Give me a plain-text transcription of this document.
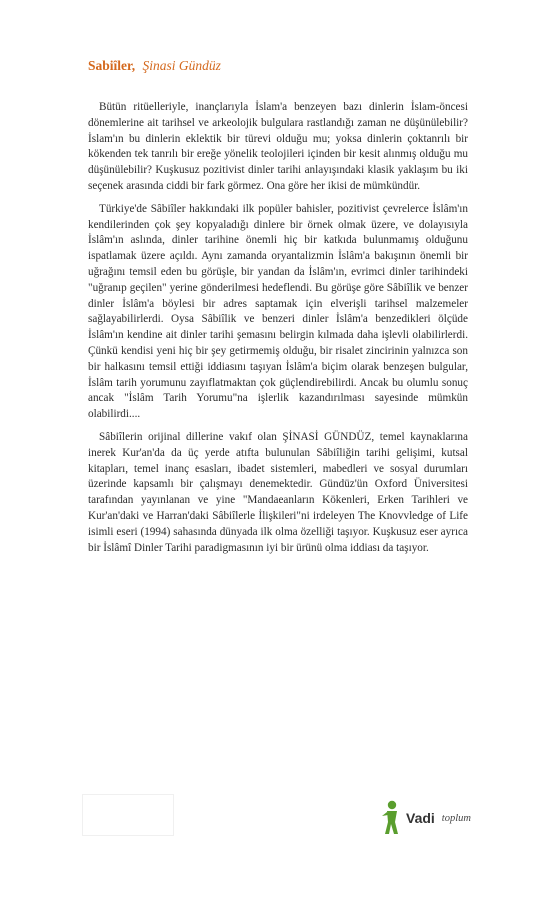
Sabiîler, Şinasi Gündüz

Bütün ritüelleriyle, inançlarıyla İslam'a benzeyen bazı dinlerin İslam-öncesi dönemlerine ait tarihsel ve arkeolojik bulgulara rastlandığı zaman ne düşünülebilir? İslam'ın bu dinlerin eklektik bir türevi olduğu mu; yoksa dinlerin çoktanrılı bir kökenden tek tanrılı bir ereğe yönelik teolojileri içinden bir kesit alınmış olduğu mu düşünülebilir? Kuşkusuz pozitivist dinler tarihi anlayışındaki klasik yaklaşım bu iki seçenek arasında ciddi bir fark görmez. Ona göre her ikisi de mümkündür.

Türkiye'de Sâbiîler hakkındaki ilk popüler bahisler, pozitivist çevrelerce İslâm'ın kendilerinden çok şey kopyaladığı dinlere bir örnek olmak üzere, ve dolayısıyla İslâm'ın aslında, dinler tarihine önemli hiç bir katkıda bulunmamış olduğunu ispatlamak üzere açıldı. Aynı zamanda oryantalizmin İslâm'a bakışının önemli bir uğrağını temsil eden bu görüşle, bir yandan da İslâm'ın, evrimci dinler tarihindeki "uğranıp geçilen" yerine gönderilmesi hedeflendi. Bu görüşe göre Sâbiîlik ve benzer dinler İslâm'a böylesi bir adres saptamak için elverişli tarihsel malzemeler sağlayabilirlerdi. Oysa Sâbiîlik ve benzeri dinler İslâm'a benzedikleri ölçüde İslâm'ın kendine ait dinler tarihi şemasını belirgin kılmada daha işlevli olabilirlerdi. Çünkü kendisi yeni hiç bir şey getirmemiş olduğu, bir risalet zincirinin yalnızca son bir halkasını temsil ettiği iddiasını taşıyan İslâm'a biçim olarak benzeşen bulgular, İslâm tarih yorumunu zayıflatmaktan çok güçlendirebilirdi. Ancak bu olumlu sonuç ancak "İslâm Tarih Yorumu"na işlerlik kazandırılması sayesinde mümkün olabilirdi....

Sâbiîlerin orijinal dillerine vakıf olan ŞİNASİ GÜNDÜZ, temel kaynaklarına inerek Kur'an'da da üç yerde atıfta bulunulan Sâbiîliğin tarihi gelişimi, kutsal kitapları, temel inanç esasları, ibadet sistemleri, mabedleri ve sosyal durumları üzerinde kapsamlı bir çalışmayı denemektedir. Gündüz'ün Oxford Üniversitesi tarafından yayınlanan ve yine "Mandaeanların Kökenleri, Erken Tarihleri ve Kur'an'daki ve Harran'daki Sâbiîlerle İlişkileri"ni irdeleyen The Knovvledge of Life isimli eseri (1994) sahasında dünyada ilk olma özelliği taşıyor. Kuşkusuz eser ayrıca bir İslâmî Dinler Tarihi paradigmasının iyi bir ürünü olma iddiası da taşıyor.

Vadi toplum
